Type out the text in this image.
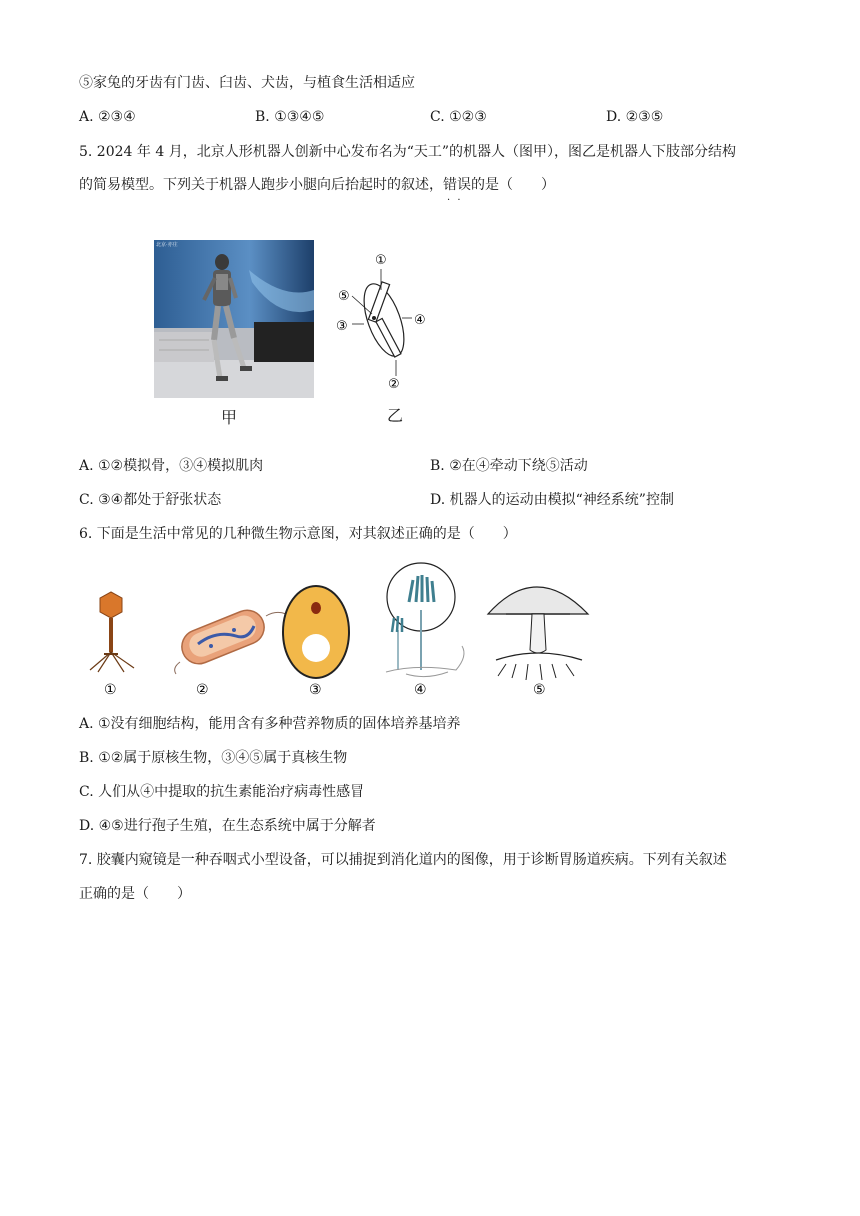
⑤家兔的牙齿有门齿、臼齿、犬齿，与植食生活相适应
A. ②③④	B. ①③④⑤	C. ①②③	D. ②③⑤
5. 2024 年 4 月，北京人形机器人创新中心发布名为“天工”的机器人（图甲），图乙是机器人下肢部分结构
的简易模型。下列关于机器人跑步小腿向后抬起时的叙述，错误 · ·的是（　　）
北京·亦庄
甲
①
②
③	④
⑤
乙
A. ①②模拟骨，③④模拟肌肉	B. ②在④牵动下绕⑤活动
C. ③④都处于舒张状态	D. 机器人的运动由模拟“神经系统”控制
6. 下面是生活中常见的几种微生物示意图，对其叙述正确的是（　　）
①	②	③	④	⑤
A. ①没有细胞结构，能用含有多种营养物质的固体培养基培养
B. ①②属于原核生物，③④⑤属于真核生物
C. 人们从④中提取的抗生素能治疗病毒性感冒
D. ④⑤进行孢子生殖，在生态系统中属于分解者
7. 胶囊内窥镜是一种吞咽式小型设备，可以捕捉到消化道内的图像，用于诊断胃肠道疾病。下列有关叙述
正确的是（　　）
